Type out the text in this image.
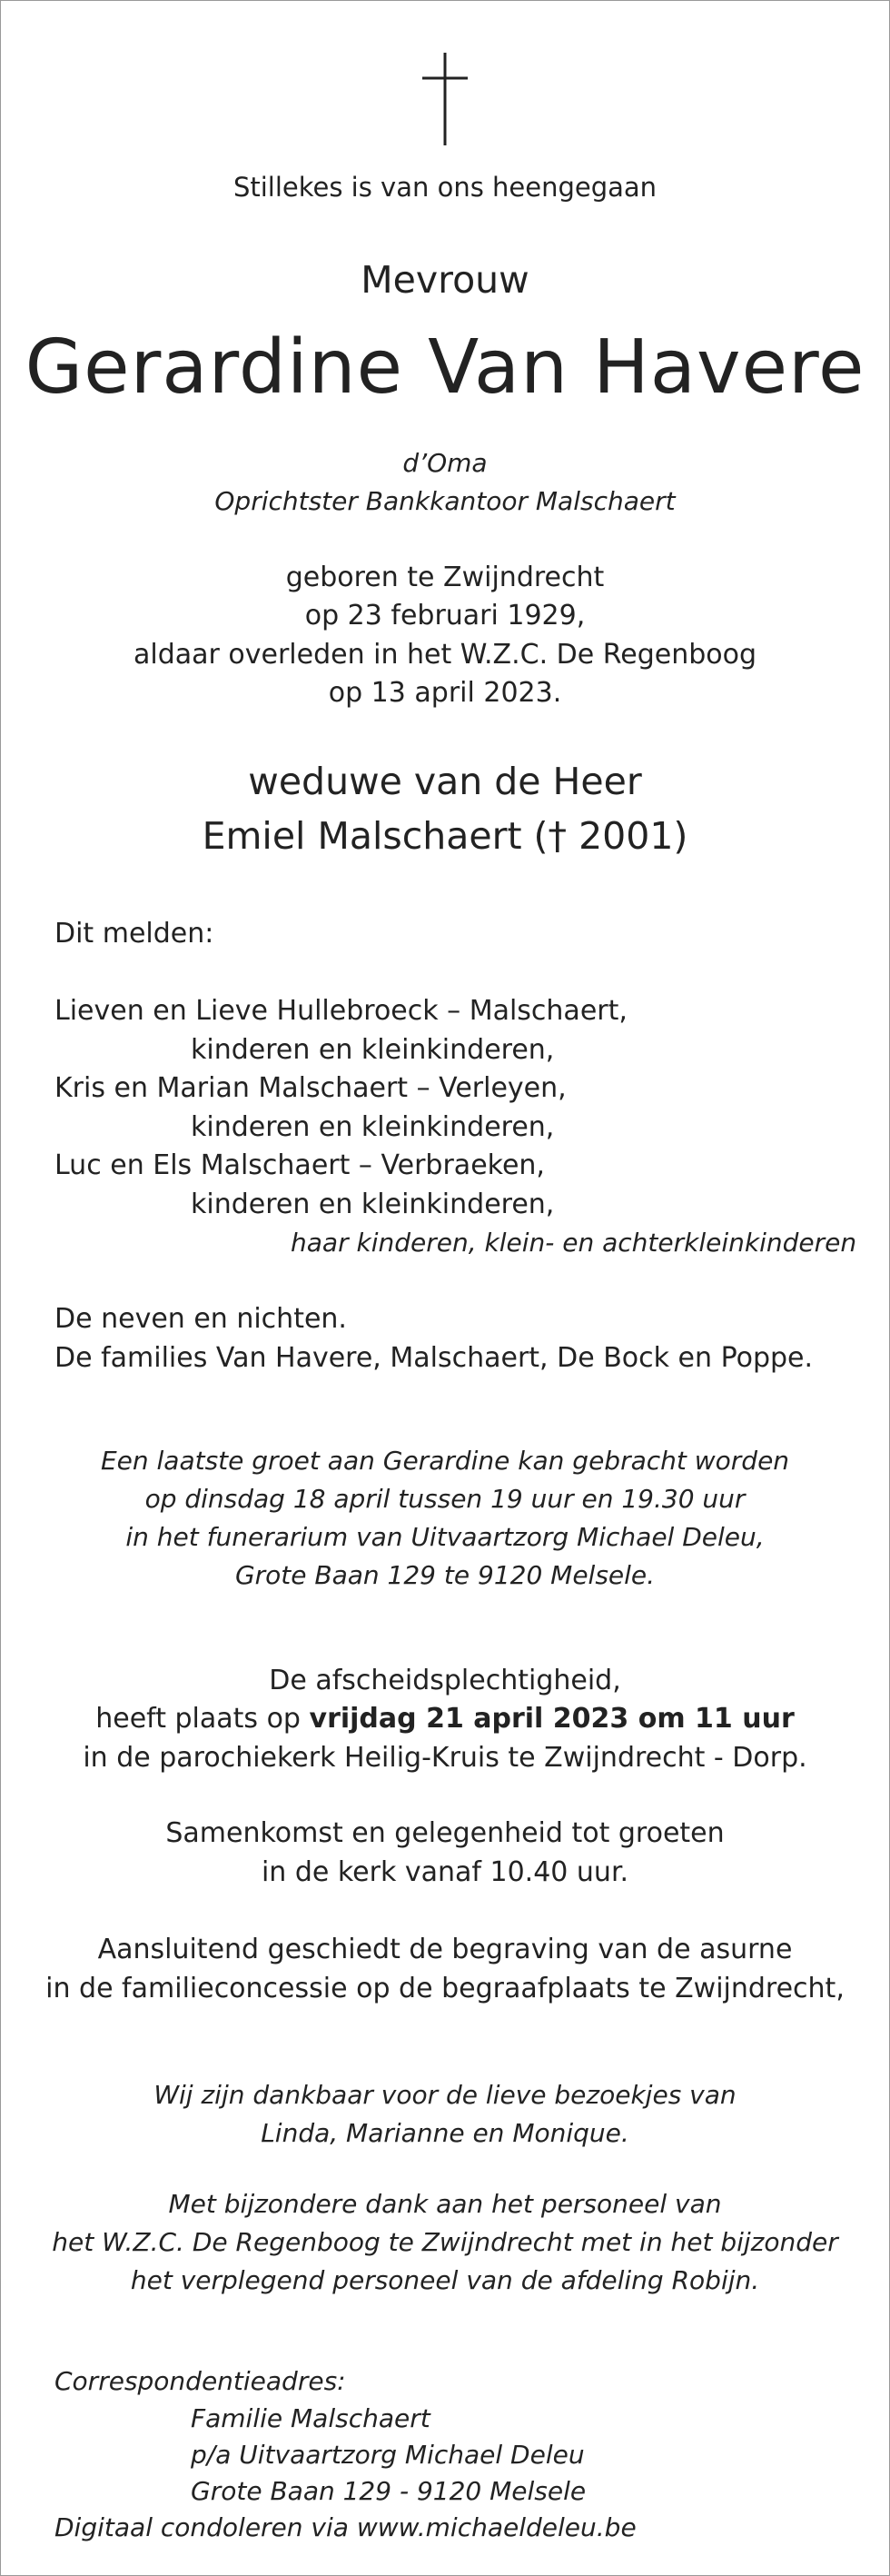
Stillekes is van ons heengegaan
Mevrouw
Gerardine Van Havere
d’Oma
Oprichtster Bankkantoor Malschaert
geboren te Zwijndrecht
op 23 februari 1929,
aldaar overleden in het W.Z.C. De Regenboog
op 13 april 2023.
weduwe van de Heer
Emiel Malschaert († 2001)
Dit melden:
Lieven en Lieve Hullebroeck – Malschaert,
kinderen en kleinkinderen,
Kris en Marian Malschaert – Verleyen,
kinderen en kleinkinderen,
Luc en Els Malschaert – Verbraeken,
kinderen en kleinkinderen,
haar kinderen, klein- en achterkleinkinderen
De neven en nichten.
De families Van Havere, Malschaert, De Bock en Poppe.
Een laatste groet aan Gerardine kan gebracht worden
op dinsdag 18 april tussen 19 uur en 19.30 uur
in het funerarium van Uitvaartzorg Michael Deleu,
Grote Baan 129 te 9120 Melsele.
De afscheidsplechtigheid,
heeft plaats op vrijdag 21 april 2023 om 11 uur
in de parochiekerk Heilig-Kruis te Zwijndrecht - Dorp.
Samenkomst en gelegenheid tot groeten
in de kerk vanaf 10.40 uur.
Aansluitend geschiedt de begraving van de asurne
in de familieconcessie op de begraafplaats te Zwijndrecht,
Wij zijn dankbaar voor de lieve bezoekjes van
Linda, Marianne en Monique.
Met bijzondere dank aan het personeel van
het W.Z.C. De Regenboog te Zwijndrecht met in het bijzonder
het verplegend personeel van de afdeling Robijn.
Correspondentieadres:
Familie Malschaert
p/a Uitvaartzorg Michael Deleu
Grote Baan 129 - 9120 Melsele
Digitaal condoleren via www.michaeldeleu.be
